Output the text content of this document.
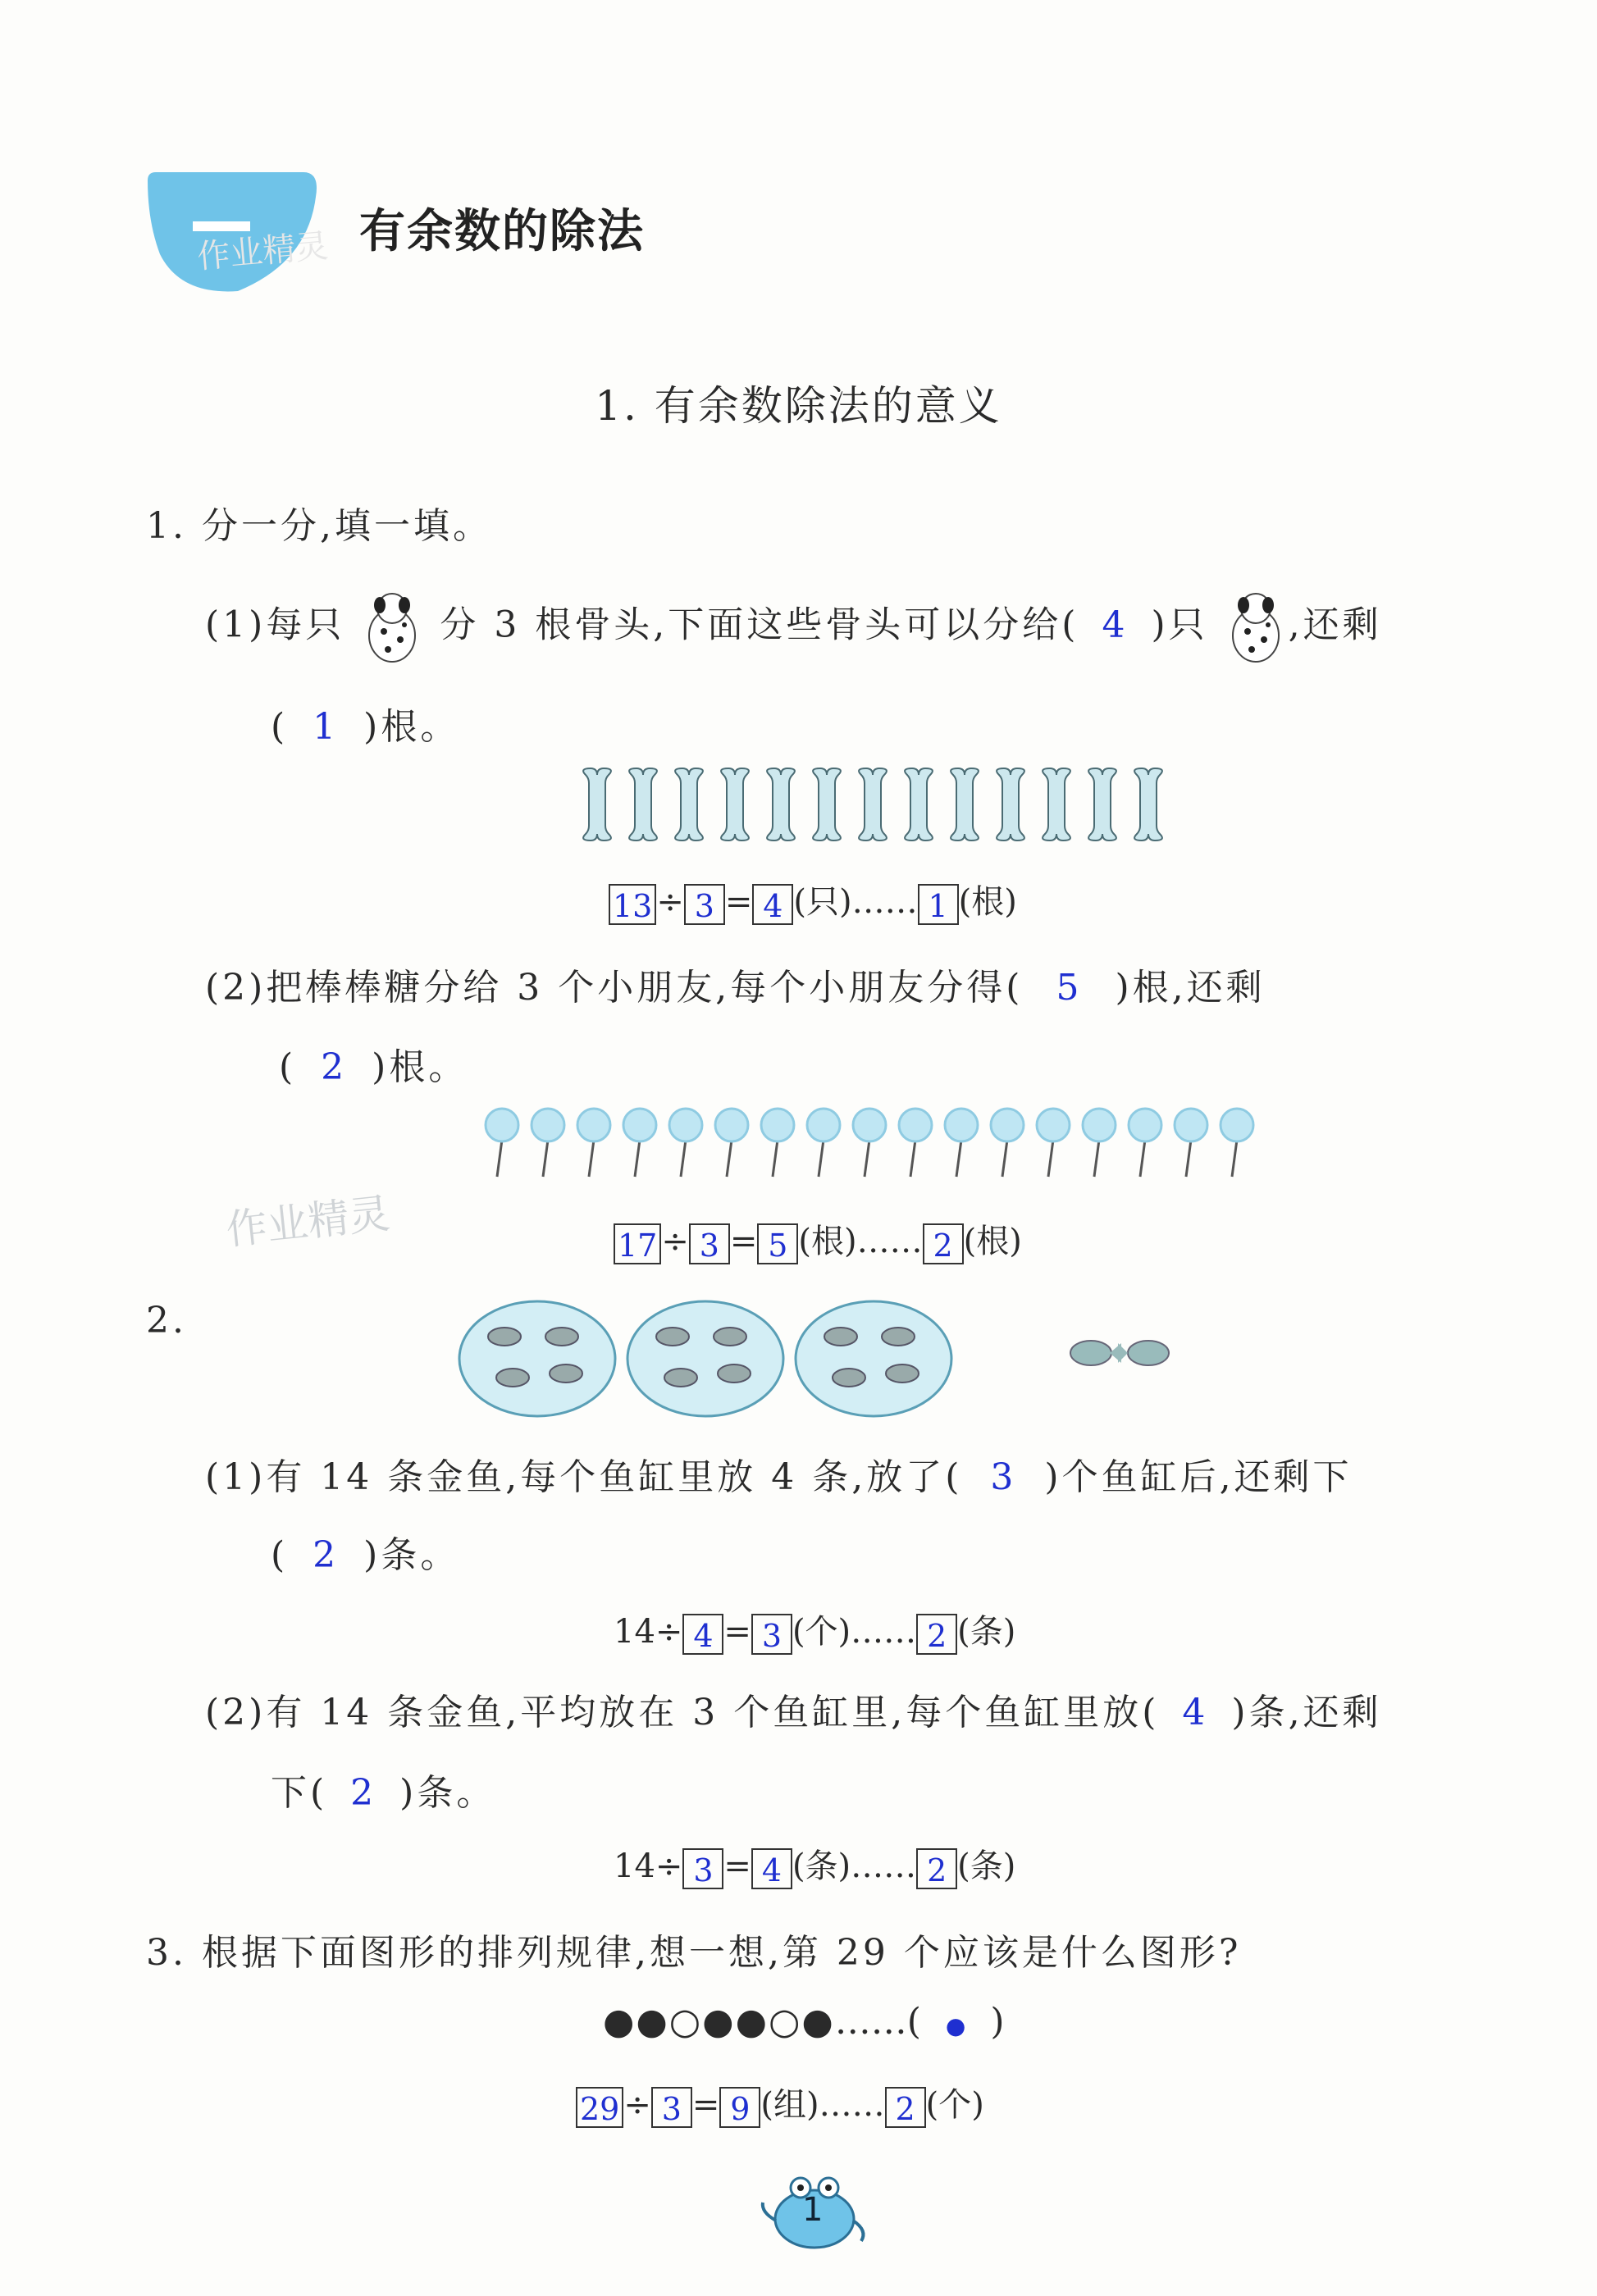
作业精灵 有余数的除法
1. 有余数除法的意义
1. 分一分,填一填。
(1)每只	分 3 根骨头,下面这些骨头可以分给( 4 )只 ,还剩
( 1 )根。
13 ÷ 3 = 4 (只)…… 1 (根)
(2)把棒棒糖分给 3 个小朋友,每个小朋友分得( 5 )根,还剩
( 2 )根。
作业精灵	17 ÷ 3 = 5 (根)…… 2 (根)
2.
(1)有 14 条金鱼,每个鱼缸里放 4 条,放了( 3 )个鱼缸后,还剩下
( 2 )条。
14÷ 4 = 3 (个)…… 2 (条)
(2)有 14 条金鱼,平均放在 3 个鱼缸里,每个鱼缸里放( 4 )条,还剩
下( 2 )条。
14÷ 3 = 4 (条)…… 2 (条)
3. 根据下面图形的排列规律,想一想,第 29 个应该是什么图形?
●●○●●○●……( ● )
29 ÷ 3 = 9 (组)…… 2 (个)
1
